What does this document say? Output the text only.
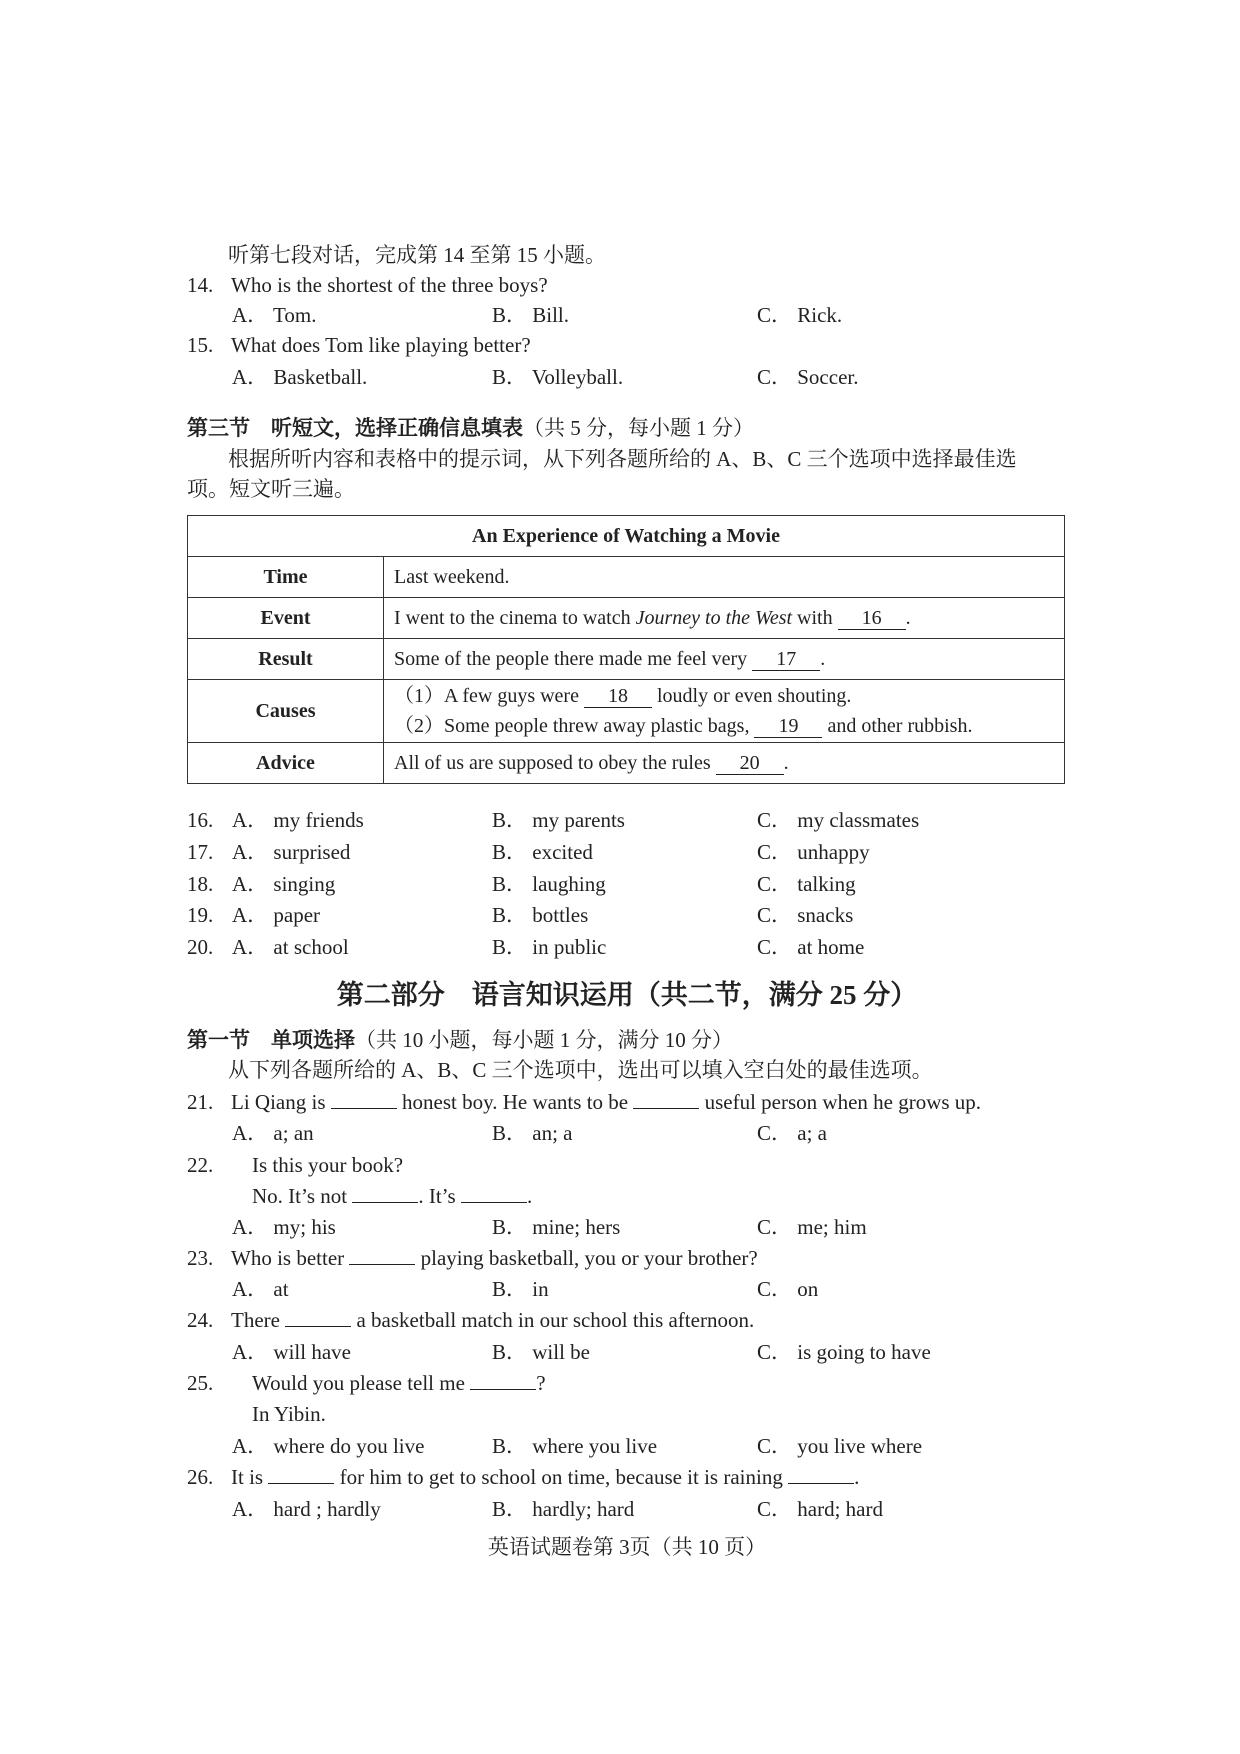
听第七段对话，完成第 14 至第 15 小题。
14. Who is the shortest of the three boys?
A． Tom.	B． Bill.	C． Rick.
15. What does Tom like playing better?
A． Basketball.	B． Volleyball.	C． Soccer.
第三节　听短文，选择正确信息填表（共 5 分，每小题 1 分）
根据所听内容和表格中的提示词，从下列各题所给的 A、B、C 三个选项中选择最佳选
项。短文听三遍。
An Experience of Watching a Movie	
Time	Last weekend.
Event	I went to the cinema to watch Journey to the West with 16 .
Result	Some of the people there made me feel very 17 .
Causes	（1）A few guys were 18 loudly or even shouting.
（2）Some people threw away plastic bags, 19 and other rubbish.

Advice	All of us are supposed to obey the rules 20 .
16. A． my friends	B． my parents	C． my classmates
17. A． surprised	B． excited	C． unhappy
18. A． singing	B． laughing	C． talking
19. A． paper	B． bottles	C． snacks
20. A． at school	B． in public	C． at home
第二部分　语言知识运用（共二节，满分 25 分）
第一节　单项选择（共 10 小题，每小题 1 分，满分 10 分）
从下列各题所给的 A、B、C 三个选项中，选出可以填入空白处的最佳选项。
21. Li Qiang is	honest boy. He wants to be	useful person when he grows up.
A． a; an	B． an; a	C． a; a
22. Is this your book?
No. It’s not	. It’s	.
A． my; his	B． mine; hers	C． me; him
23. Who is better	playing basketball, you or your brother?
A． at	B． in	C． on
24. There	a basketball match in our school this afternoon.
A． will have	B． will be	C． is going to have
25. Would you please tell me	?
In Yibin.
A． where do you live	B． where you live	C． you live where
26. It is	for him to get to school on time, because it is raining	.
A． hard ; hardly	B． hardly; hard	C． hard; hard
英语试题卷第 3页（共 10 页）
